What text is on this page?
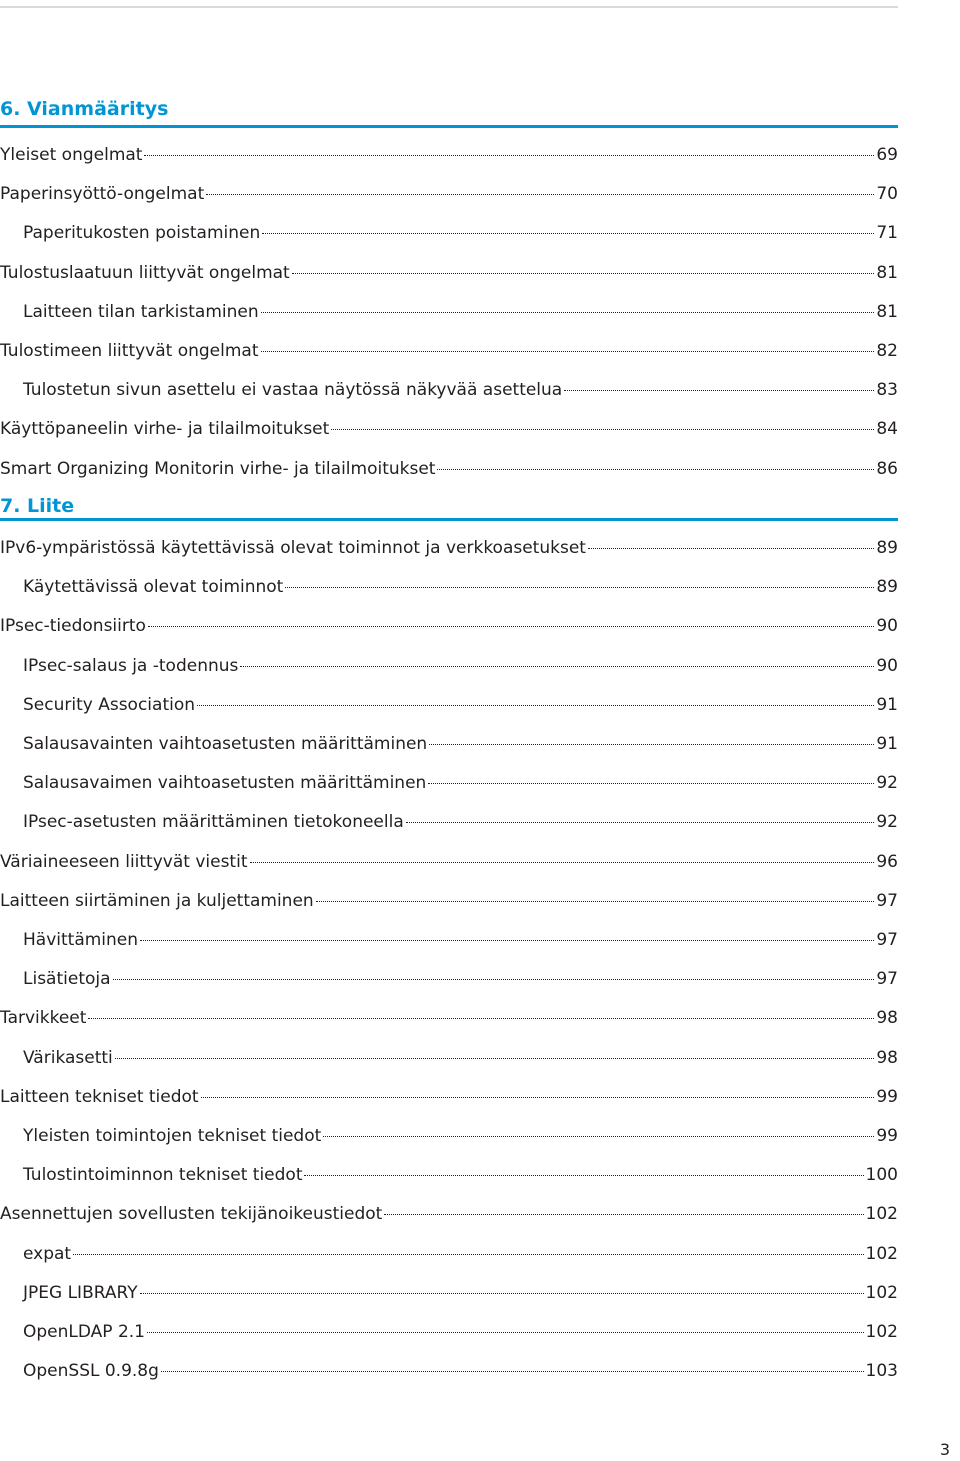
6. Vianmääritys
Yleiset ongelmat	69
Paperinsyöttö-ongelmat	70
Paperitukosten poistaminen	71
Tulostuslaatuun liittyvät ongelmat	81
Laitteen tilan tarkistaminen	81
Tulostimeen liittyvät ongelmat	82
Tulostetun sivun asettelu ei vastaa näytössä näkyvää asettelua	83
Käyttöpaneelin virhe- ja tilailmoitukset	84
Smart Organizing Monitorin virhe- ja tilailmoitukset	86
7. Liite
IPv6-ympäristössä käytettävissä olevat toiminnot ja verkkoasetukset	89
Käytettävissä olevat toiminnot	89
IPsec-tiedonsiirto	90
IPsec-salaus ja -todennus	90
Security Association	91
Salausavainten vaihtoasetusten määrittäminen	91
Salausavaimen vaihtoasetusten määrittäminen	92
IPsec-asetusten määrittäminen tietokoneella	92
Väriaineeseen liittyvät viestit	96
Laitteen siirtäminen ja kuljettaminen	97
Hävittäminen	97
Lisätietoja	97
Tarvikkeet	98
Värikasetti	98
Laitteen tekniset tiedot	99
Yleisten toimintojen tekniset tiedot	99
Tulostintoiminnon tekniset tiedot	100
Asennettujen sovellusten tekijänoikeustiedot	102
expat	102
JPEG LIBRARY	102
OpenLDAP 2.1	102
OpenSSL 0.9.8g	103
3
